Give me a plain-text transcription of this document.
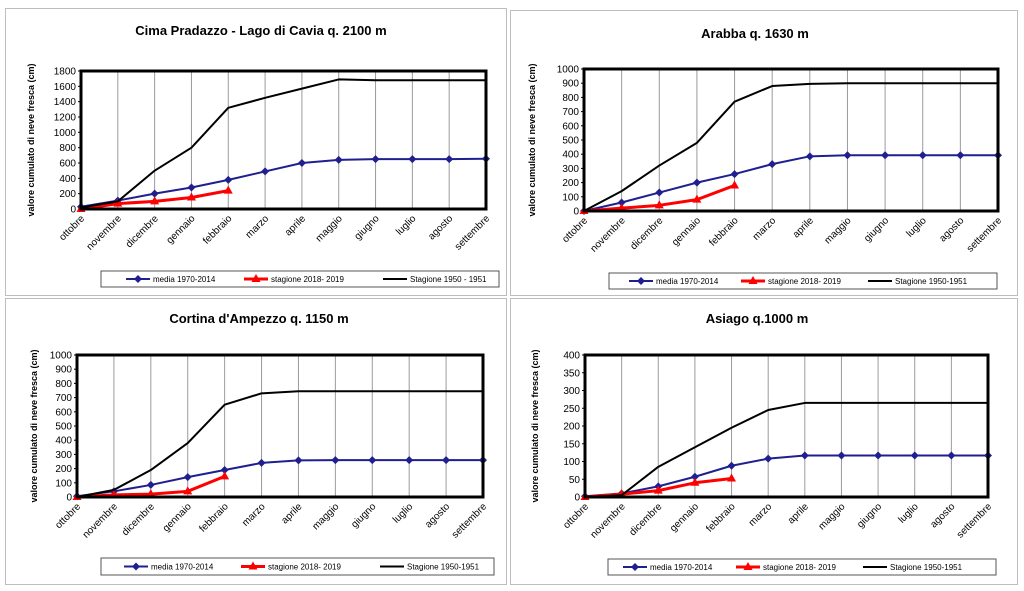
Cima Pradazzo - Lago di Cavia q. 2100 m
valore cumulato di neve fresca (cm)	0
200
400
600
800
1000
1200
1400
1600
1800
ottobre
novembre dicembre gennaio febbraio marzo aprile maggio giugno luglio agosto
settembre
media 1970-2014	stagione 2018- 2019	Stagione 1950 - 1951
Arabba q. 1630 m
valore cumulato di neve fresca (cm)	0
100
200
300
400
500
600
700
800
900
1000
ottobre
novembre dicembre gennaio febbraio marzo aprile maggio giugno luglio agosto
settembre
media 1970-2014	stagione 2018- 2019	Stagione 1950-1951
Cortina d'Ampezzo q. 1150 m
valore cumulato di neve fresca (cm)	0
100
200
300
400
500
600
700
800
900
1000
ottobre
novembre dicembre gennaio febbraio marzo aprile maggio giugno luglio agosto
settembre
media 1970-2014	stagione 2018- 2019	Stagione 1950-1951
Asiago q.1000 m
valore cumulato di neve fresca (cm)	0
50
100
150
200
250
300
350
400
ottobre
novembre dicembre gennaio febbraio marzo aprile maggio giugno luglio agosto
settembre
media 1970-2014	stagione 2018- 2019	Stagione 1950-1951
